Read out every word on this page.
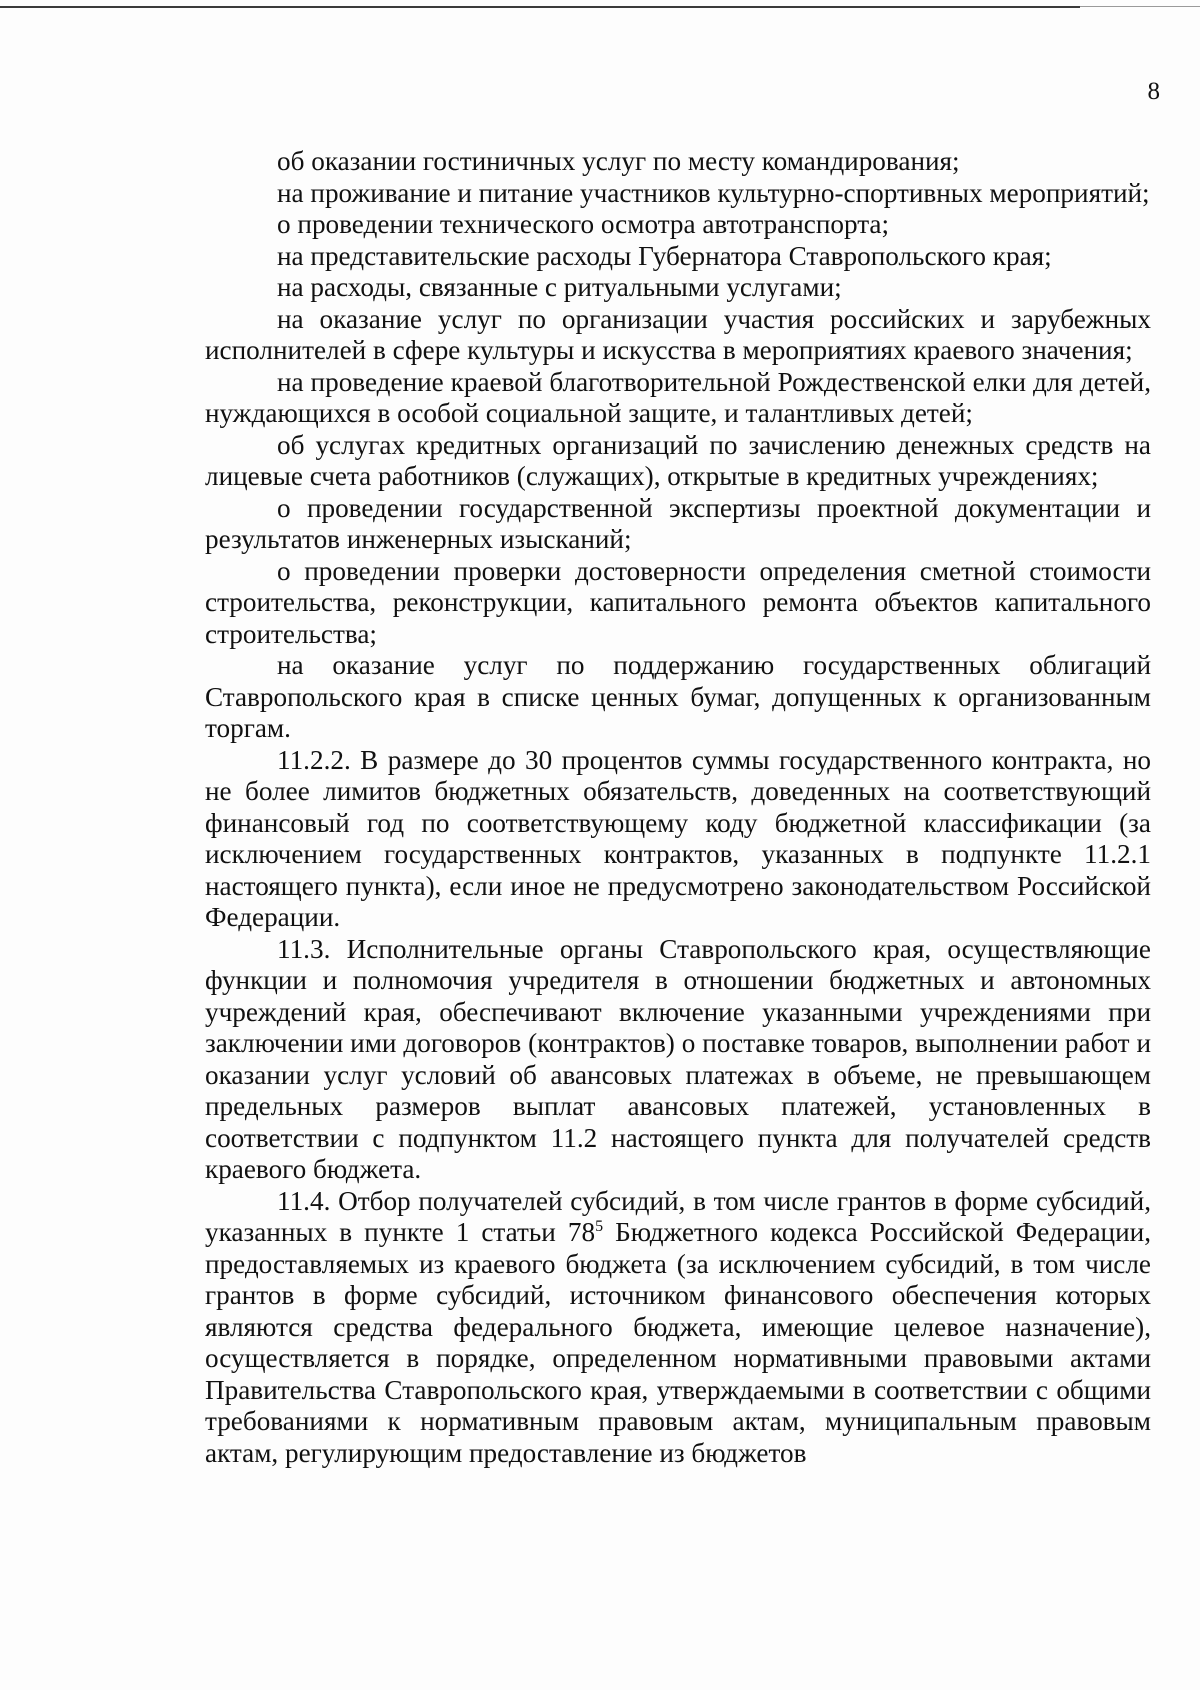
8

об оказании гостиничных услуг по месту командирования;

на проживание и питание участников культурно-спортивных мероприятий;

о проведении технического осмотра автотранспорта;

на представительские расходы Губернатора Ставропольского края;

на расходы, связанные с ритуальными услугами;

на оказание услуг по организации участия российских и зарубежных исполнителей в сфере культуры и искусства в мероприятиях краевого значения;

на проведение краевой благотворительной Рождественской елки для детей, нуждающихся в особой социальной защите, и талантливых детей;

об услугах кредитных организаций по зачислению денежных средств на лицевые счета работников (служащих), открытые в кредитных учреждениях;

о проведении государственной экспертизы проектной документации и результатов инженерных изысканий;

о проведении проверки достоверности определения сметной стоимости строительства, реконструкции, капитального ремонта объектов капитального строительства;

на оказание услуг по поддержанию государственных облигаций Ставропольского края в списке ценных бумаг, допущенных к организованным торгам.

11.2.2. В размере до 30 процентов суммы государственного контракта, но не более лимитов бюджетных обязательств, доведенных на соответствующий финансовый год по соответствующему коду бюджетной классификации (за исключением государственных контрактов, указанных в подпункте 11.2.1 настоящего пункта), если иное не предусмотрено законодательством Российской Федерации.

11.3. Исполнительные органы Ставропольского края, осуществляющие функции и полномочия учредителя в отношении бюджетных и автономных учреждений края, обеспечивают включение указанными учреждениями при заключении ими договоров (контрактов) о поставке товаров, выполнении работ и оказании услуг условий об авансовых платежах в объеме, не превышающем предельных размеров выплат авансовых платежей, установленных в соответствии с подпунктом 11.2 настоящего пункта для получателей средств краевого бюджета.

11.4. Отбор получателей субсидий, в том числе грантов в форме субсидий, указанных в пункте 1 статьи $78^5$ Бюджетного кодекса Российской Федерации, предоставляемых из краевого бюджета (за исключением субсидий, в том числе грантов в форме субсидий, источником финансового обеспечения которых являются средства федерального бюджета, имеющие целевое назначение), осуществляется в порядке, определенном нормативными правовыми актами Правительства Ставропольского края, утверждаемыми в соответствии с общими требованиями к нормативным правовым актам, муниципальным правовым актам, регулирующим предоставление из бюджетов
